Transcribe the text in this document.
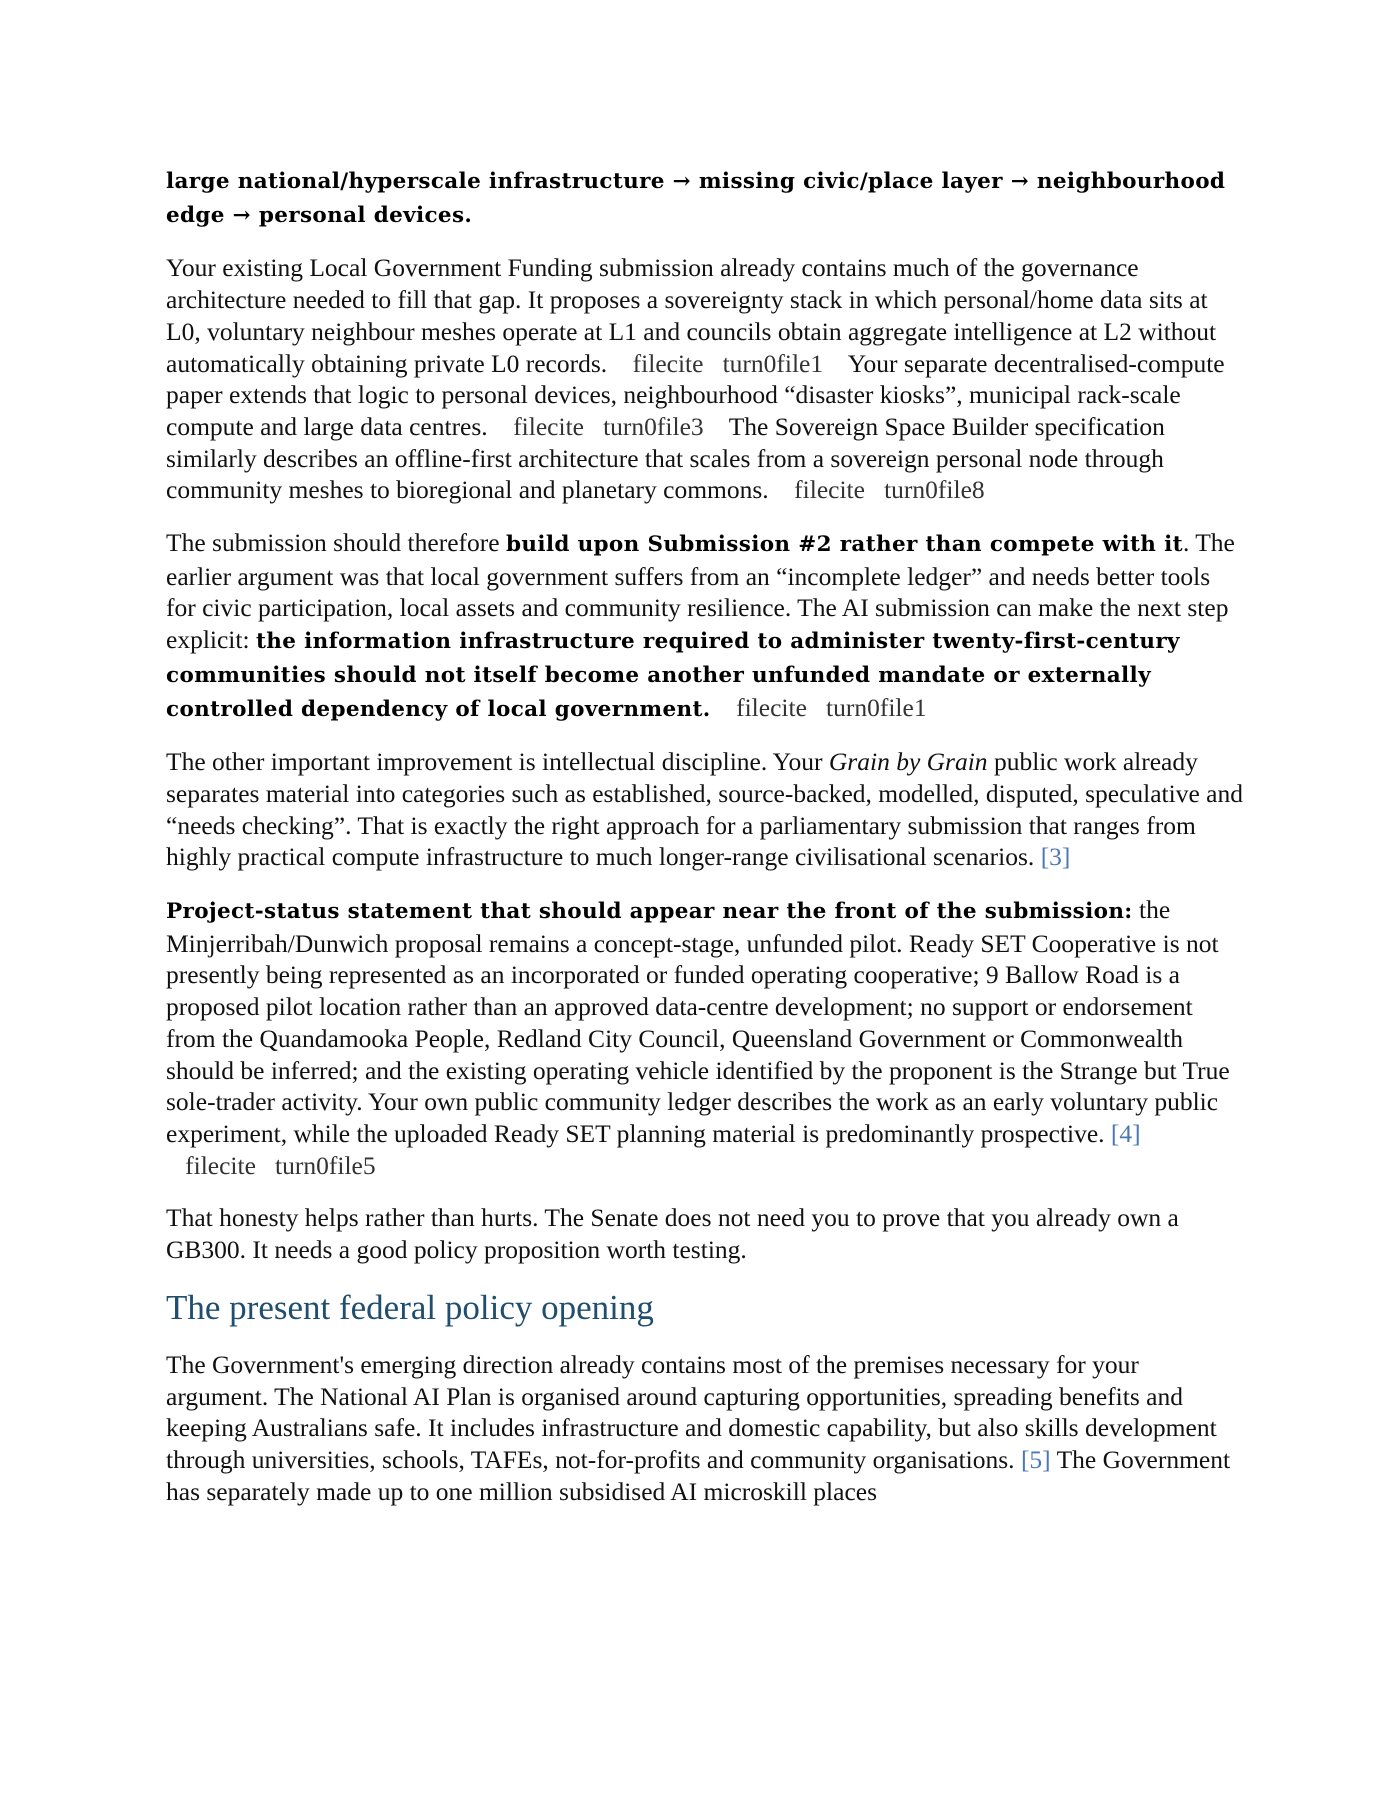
large national/hyperscale infrastructure → missing civic/place layer → neighbourhood edge → personal devices.

Your existing Local Government Funding submission already contains much of the governance architecture needed to fill that gap. It proposes a sovereignty stack in which personal/home data sits at L0, voluntary neighbour meshes operate at L1 and councils obtain aggregate intelligence at L2 without automatically obtaining private L0 records.    filecite   turn0file1    Your separate decentralised-compute paper extends that logic to personal devices, neighbourhood “disaster kiosks”, municipal rack-scale compute and large data centres.    filecite   turn0file3    The Sovereign Space Builder specification similarly describes an offline-first architecture that scales from a sovereign personal node through community meshes to bioregional and planetary commons.    filecite   turn0file8

The submission should therefore build upon Submission #2 rather than compete with it. The earlier argument was that local government suffers from an “incomplete ledger” and needs better tools for civic participation, local assets and community resilience. The AI submission can make the next step explicit: the information infrastructure required to administer twenty-first-century communities should not itself become another unfunded mandate or externally controlled dependency of local government.    filecite   turn0file1

The other important improvement is intellectual discipline. Your Grain by Grain public work already separates material into categories such as established, source-backed, modelled, disputed, speculative and “needs checking”. That is exactly the right approach for a parliamentary submission that ranges from highly practical compute infrastructure to much longer-range civilisational scenarios. [3]

Project-status statement that should appear near the front of the submission: the Minjerribah/Dunwich proposal remains a concept-stage, unfunded pilot. Ready SET Cooperative is not presently being represented as an incorporated or funded operating cooperative; 9 Ballow Road is a proposed pilot location rather than an approved data-centre development; no support or endorsement from the Quandamooka People, Redland City Council, Queensland Government or Commonwealth should be inferred; and the existing operating vehicle identified by the proponent is the Strange but True sole-trader activity. Your own public community ledger describes the work as an early voluntary public experiment, while the uploaded Ready SET planning material is predominantly prospective. [4]
filecite   turn0file5

That honesty helps rather than hurts. The Senate does not need you to prove that you already own a GB300. It needs a good policy proposition worth testing.

The present federal policy opening

The Government's emerging direction already contains most of the premises necessary for your argument. The National AI Plan is organised around capturing opportunities, spreading benefits and keeping Australians safe. It includes infrastructure and domestic capability, but also skills development through universities, schools, TAFEs, not-for-profits and community organisations. [5] The Government has separately made up to one million subsidised AI microskill places
